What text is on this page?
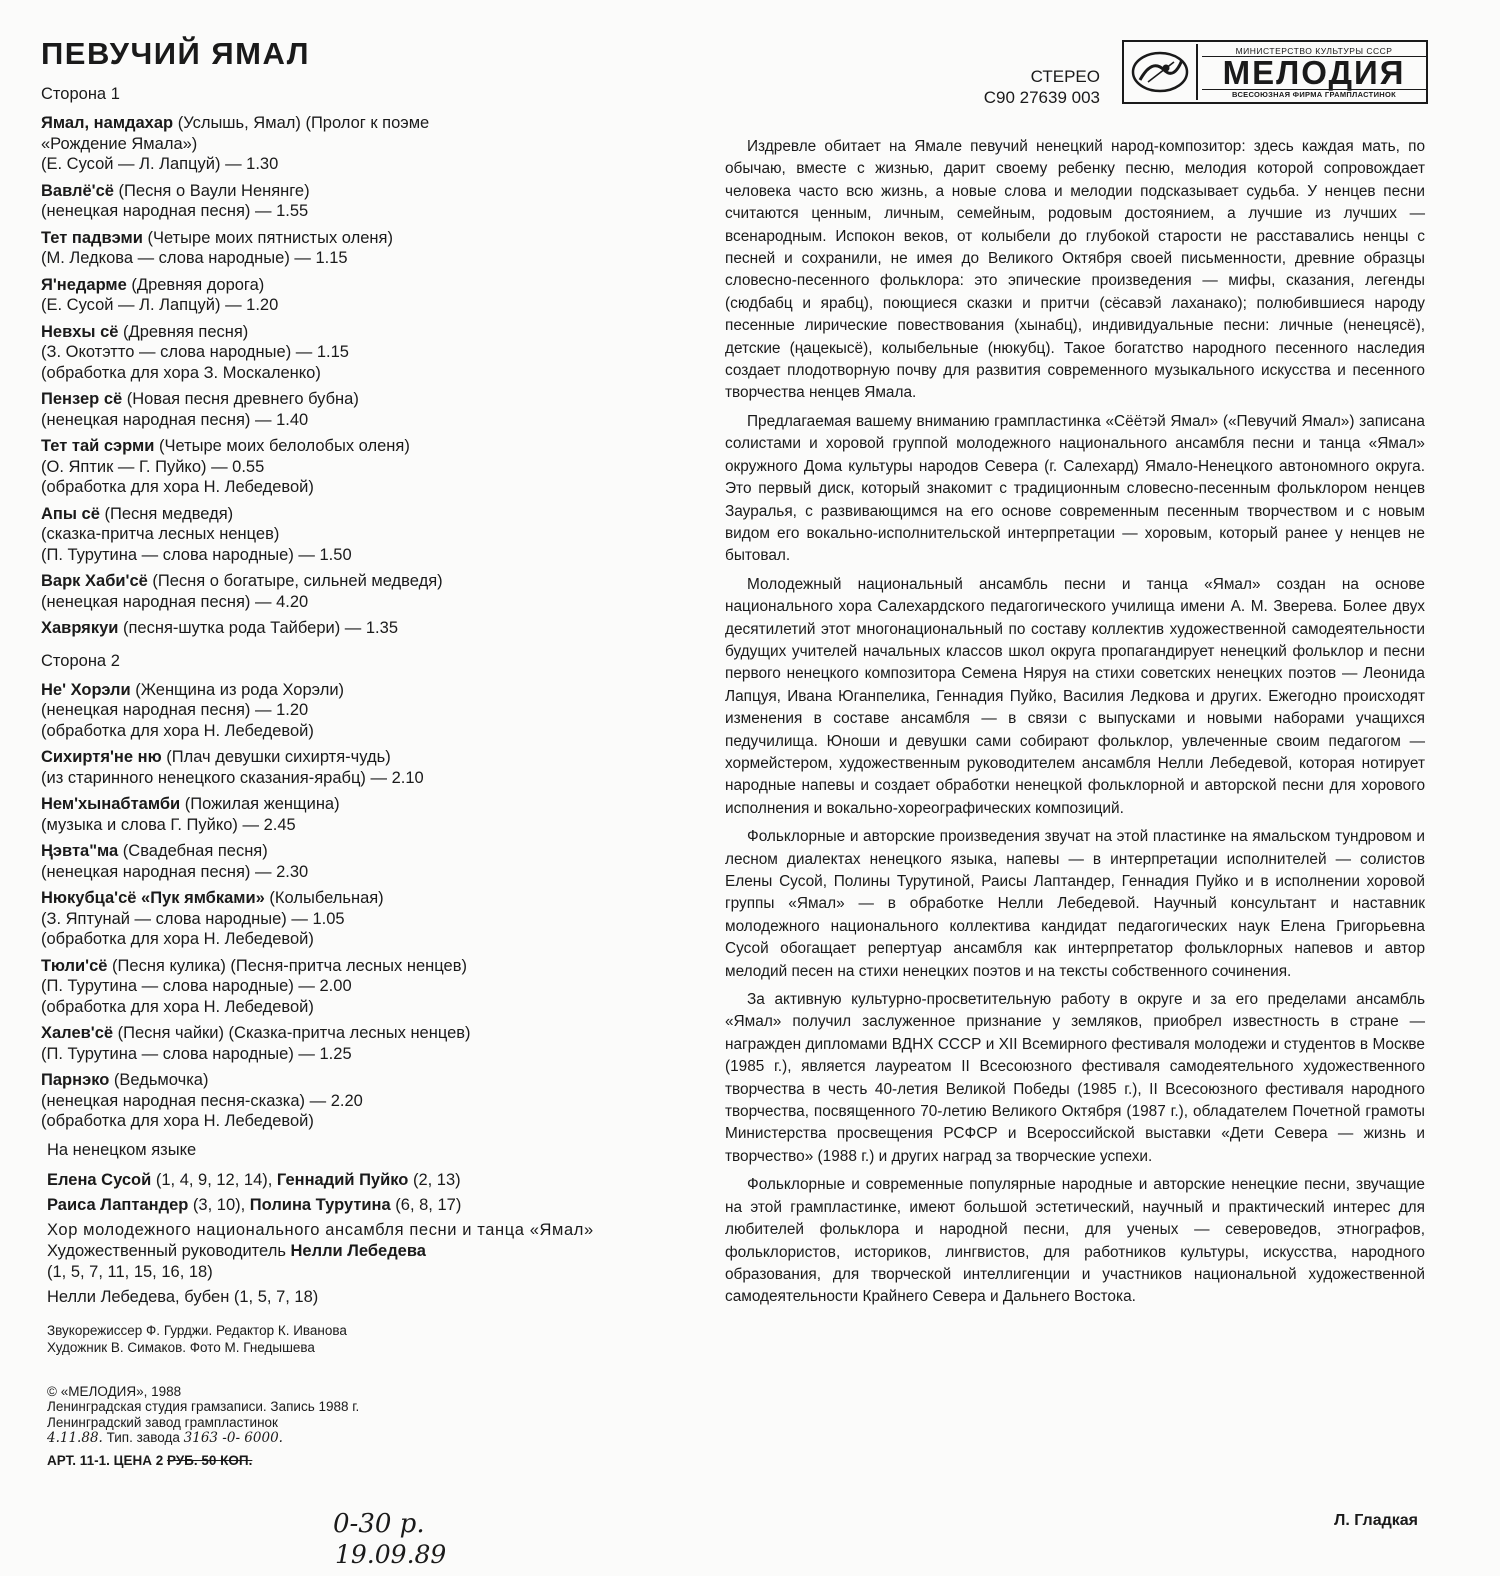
ПЕВУЧИЙ ЯМАЛ
Сторона 1
Ямал, намдахар (Услышь, Ямал) (Пролог к поэме
«Рождение Ямала»)
(Е. Сусой — Л. Лапцуй) — 1.30
Вавлё'сё (Песня о Ваули Ненянге)
(ненецкая народная песня) — 1.55
Тет падвэми (Четыре моих пятнистых оленя)
(М. Ледкова — слова народные) — 1.15
Я'недарме (Древняя дорога)
(Е. Сусой — Л. Лапцуй) — 1.20
Невхы сё (Древняя песня)
(З. Окотэтто — слова народные) — 1.15
(обработка для хора З. Москаленко)
Пензер сё (Новая песня древнего бубна)
(ненецкая народная песня) — 1.40
Тет тай сэрми (Четыре моих белолобых оленя)
(О. Яптик — Г. Пуйко) — 0.55
(обработка для хора Н. Лебедевой)
Апы сё (Песня медведя)
(сказка-притча лесных ненцев)
(П. Турутина — слова народные) — 1.50
Варк Хаби'сё (Песня о богатыре, сильней медведя)
(ненецкая народная песня) — 4.20
Хаврякуи (песня-шутка рода Тайбери) — 1.35
Сторона 2
Не' Хорэли (Женщина из рода Хорэли)
(ненецкая народная песня) — 1.20
(обработка для хора Н. Лебедевой)
Сихиртя'не ню (Плач девушки сихиртя-чудь)
(из старинного ненецкого сказания-ярабц) — 2.10
Нем'хынабтамби (Пожилая женщина)
(музыка и слова Г. Пуйко) — 2.45
Ңэвта"ма (Свадебная песня)
(ненецкая народная песня) — 2.30
Нюкубца'сё «Пук ямбками» (Колыбельная)
(З. Яптунай — слова народные) — 1.05
(обработка для хора Н. Лебедевой)
Тюли'сё (Песня кулика) (Песня-притча лесных ненцев)
(П. Турутина — слова народные) — 2.00
(обработка для хора Н. Лебедевой)
Халев'сё (Песня чайки) (Сказка-притча лесных ненцев)
(П. Турутина — слова народные) — 1.25
Парнэко (Ведьмочка)
(ненецкая народная песня-сказка) — 2.20
(обработка для хора Н. Лебедевой)
На ненецком языке
Елена Сусой (1, 4, 9, 12, 14), Геннадий Пуйко (2, 13)
Раиса Лаптандер (3, 10), Полина Турутина (6, 8, 17)
Хор молодежного национального ансамбля песни и танца «Ямал»
Художественный руководитель Нелли Лебедева
(1, 5, 7, 11, 15, 16, 18)
Нелли Лебедева, бубен (1, 5, 7, 18)
Звукорежиссер Ф. Гурджи. Редактор К. Иванова
Художник В. Симаков. Фото М. Гнедышева
© «МЕЛОДИЯ», 1988
Ленинградская студия грамзаписи. Запись 1988 г.
Ленинградский завод грампластинок
4.11.88. Тип. завода 3163 -0- 6000.
АРТ. 11-1. ЦЕНА 2 РУБ. 50 КОП.
0-30 р.
19.09.89
СТЕРЕО
С90 27639 003
МИНИСТЕРСТВО КУЛЬТУРЫ СССР
МЕЛОДИЯ
ВСЕСОЮЗНАЯ ФИРМА ГРАМПЛАСТИНОК

Издревле обитает на Ямале певучий ненецкий народ-композитор: здесь каждая мать, по обычаю, вместе с жизнью, дарит своему ребенку песню, мелодия которой сопровождает человека часто всю жизнь, а новые слова и мелодии подсказывает судьба. У ненцев песни считаются ценным, личным, семейным, родовым достоянием, а лучшие из лучших — всенародным. Испокон веков, от колыбели до глубокой старости не расставались ненцы с песней и сохранили, не имея до Великого Октября своей письменности, древние образцы словесно-песенного фольклора: это эпические произведения — мифы, сказания, легенды (сюдбабц и ярабц), поющиеся сказки и притчи (сёсавэй лаханако); полюбившиеся народу песенные лирические повествования (хынабц), индивидуальные песни: личные (ненецясё), детские (ңацекысё), колыбельные (нюкубц). Такое богатство народного песенного наследия создает плодотворную почву для развития современного музыкального искусства и песенного творчества ненцев Ямала.

Предлагаемая вашему вниманию грампластинка «Сёётэй Ямал» («Певучий Ямал») записана солистами и хоровой группой молодежного национального ансамбля песни и танца «Ямал» окружного Дома культуры народов Севера (г. Салехард) Ямало-Ненецкого автономного округа. Это первый диск, который знакомит с традиционным словесно-песенным фольклором ненцев Зауралья, с развивающимся на его основе современным песенным творчеством и с новым видом его вокально-исполнительской интерпретации — хоровым, который ранее у ненцев не бытовал.

Молодежный национальный ансамбль песни и танца «Ямал» создан на основе национального хора Салехардского педагогического училища имени А. М. Зверева. Более двух десятилетий этот многонациональный по составу коллектив художественной самодеятельности будущих учителей начальных классов школ округа пропагандирует ненецкий фольклор и песни первого ненецкого композитора Семена Няруя на стихи советских ненецких поэтов — Леонида Лапцуя, Ивана Юганпелика, Геннадия Пуйко, Василия Ледкова и других. Ежегодно происходят изменения в составе ансамбля — в связи с выпусками и новыми наборами учащихся педучилища. Юноши и девушки сами собирают фольклор, увлеченные своим педагогом — хормейстером, художественным руководителем ансамбля Нелли Лебедевой, которая нотирует народные напевы и создает обработки ненецкой фольклорной и авторской песни для хорового исполнения и вокально-хореографических композиций.

Фольклорные и авторские произведения звучат на этой пластинке на ямальском тундровом и лесном диалектах ненецкого языка, напевы — в интерпретации исполнителей — солистов Елены Сусой, Полины Турутиной, Раисы Лаптандер, Геннадия Пуйко и в исполнении хоровой группы «Ямал» — в обработке Нелли Лебедевой. Научный консультант и наставник молодежного национального коллектива кандидат педагогических наук Елена Григорьевна Сусой обогащает репертуар ансамбля как интерпретатор фольклорных напевов и автор мелодий песен на стихи ненецких поэтов и на тексты собственного сочинения.

За активную культурно-просветительную работу в округе и за его пределами ансамбль «Ямал» получил заслуженное признание у земляков, приобрел известность в стране — награжден дипломами ВДНХ СССР и XII Всемирного фестиваля молодежи и студентов в Москве (1985 г.), является лауреатом II Всесоюзного фестиваля самодеятельного художественного творчества в честь 40-летия Великой Победы (1985 г.), II Всесоюзного фестиваля народного творчества, посвященного 70-летию Великого Октября (1987 г.), обладателем Почетной грамоты Министерства просвещения РСФСР и Всероссийской выставки «Дети Севера — жизнь и творчество» (1988 г.) и других наград за творческие успехи.

Фольклорные и современные популярные народные и авторские ненецкие песни, звучащие на этой грампластинке, имеют большой эстетический, научный и практический интерес для любителей фольклора и народной песни, для ученых — североведов, этнографов, фольклористов, историков, лингвистов, для работников культуры, искусства, народного образования, для творческой интеллигенции и участников национальной художественной самодеятельности Крайнего Севера и Дальнего Востока.

Л. Гладкая
